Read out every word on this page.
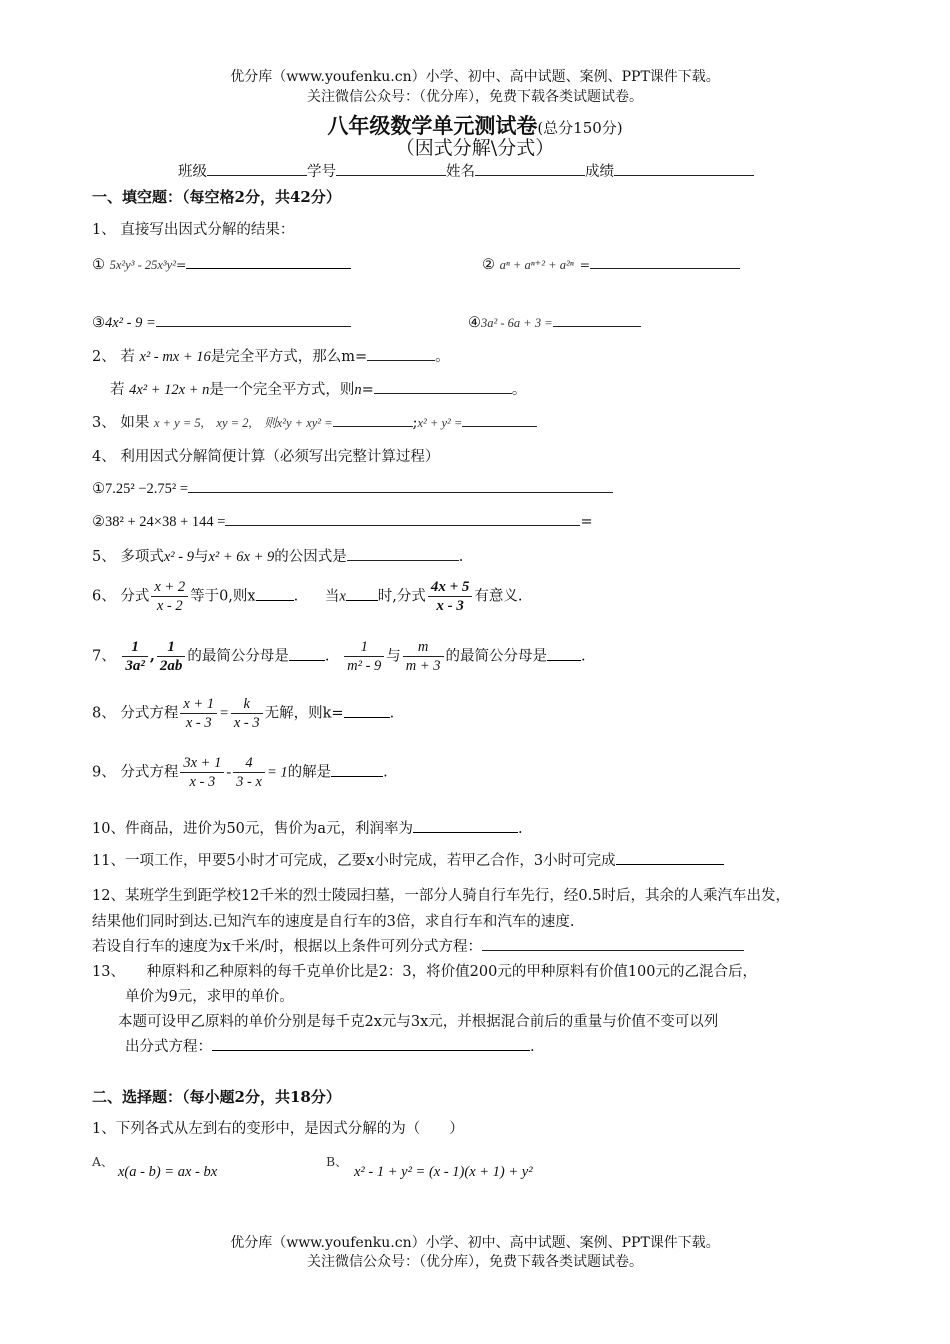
优分库（www.youfenku.cn）小学、初中、高中试题、案例、PPT课件下载。
关注微信公众号：（优分库），免费下载各类试题试卷。
八年级数学单元测试卷(总分150分)
（因式分解\分式）
班级	学号	姓名	成绩
一、填空题：（每空格2分，共42分）
1、 直接写出因式分解的结果：
① 5x²y³ - 25x³y²=	② aⁿ + aⁿ⁺² + a²ⁿ =
③4x² - 9 =	④3a² - 6a + 3 =
2、 若 x² - mx + 16是完全平方式，那么m=	。
若 4x² + 12x + n是一个完全平方式，则n=	。
3、 如果 x + y = 5, xy = 2, 则x²y + xy² =	;x² + y² =
4、 利用因式分解简便计算（必须写出完整计算过程）
①7.25² −2.75² =
②38² + 24×38 + 144 =	=
5、 多项式x² - 9与x² + 6x + 9的公因式是	.
6、 分式 $\frac{x + 2}{x - 2}$ 等于0,则x	. 当x 时,分式 $\frac{4x + 5}{x - 3}$ 有意义.
7、 $\frac{1}{\text{3a²}}$ , $\frac{1}{2ab}$ 的最简公分母是 . $\frac{1}{\text{m² - 9}}$ 与 $\frac{m}{m + 3}$ 的最简公分母是 .
8、 分式方程 $\frac{x + 1}{x - 3} = \frac{k}{x - 3}$ 无解，则k=	.
9、 分式方程 $\frac{3x + 1}{x - 3} - \frac{4}{3 - x} = 1$的解是	.
10、件商品，进价为50元，售价为a元，利润率为	.
11、一项工作，甲要5小时才可完成，乙要x小时完成，若甲乙合作，3小时可完成
12、某班学生到距学校12千米的烈士陵园扫墓，一部分人骑自行车先行，经0.5时后，其余的人乘汽车出发，
结果他们同时到达.已知汽车的速度是自行车的3倍，求自行车和汽车的速度.
若设自行车的速度为x千米/时，根据以上条件可列分式方程：
13、　　种原料和乙种原料的每千克单价比是2：3，将价值200元的甲种原料有价值100元的乙混合后，
单价为9元，求甲的单价。
本题可设甲乙原料的单价分别是每千克2x元与3x元，并根据混合前后的重量与价值不变可以列
出分式方程：	.
二、选择题：（每小题2分，共18分）
1、下列各式从左到右的变形中，是因式分解的为（　　）
A、
x(a - b) = ax - bx
B、
x² - 1 + y² = (x - 1)(x + 1) + y²
优分库（www.youfenku.cn）小学、初中、高中试题、案例、PPT课件下载。
关注微信公众号：（优分库），免费下载各类试题试卷。
